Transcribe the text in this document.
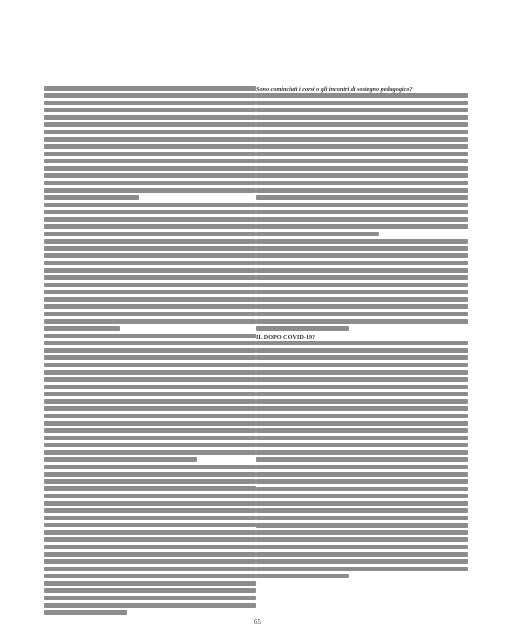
Sono cominciati i corsi o gli incontri di sostegno pedagogico?
IL DOPO COVID-19?
65
